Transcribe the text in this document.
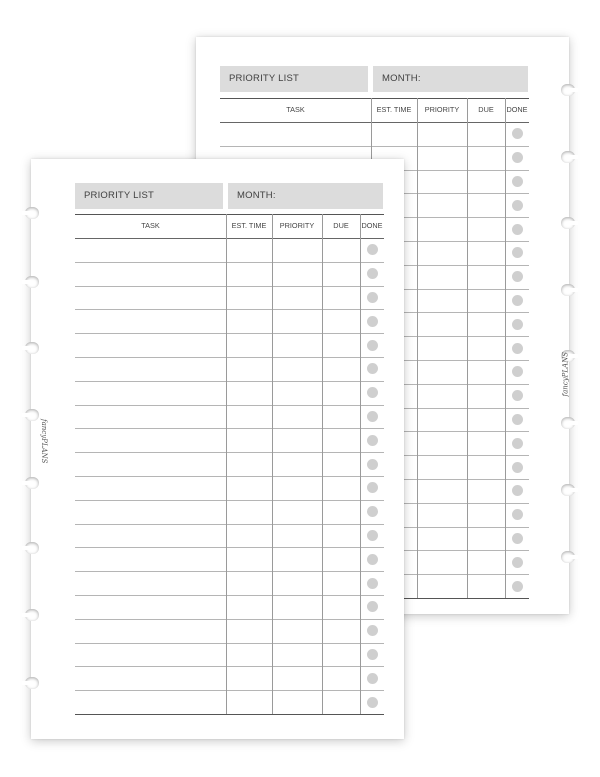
PRIORITY LIST	MONTH:
TASK	EST. TIME	PRIORITY	DUE	DONE
fancyPLANS
PRIORITY LIST	MONTH:
TASK	EST. TIME	PRIORITY	DUE	DONE
fancyPLANS
